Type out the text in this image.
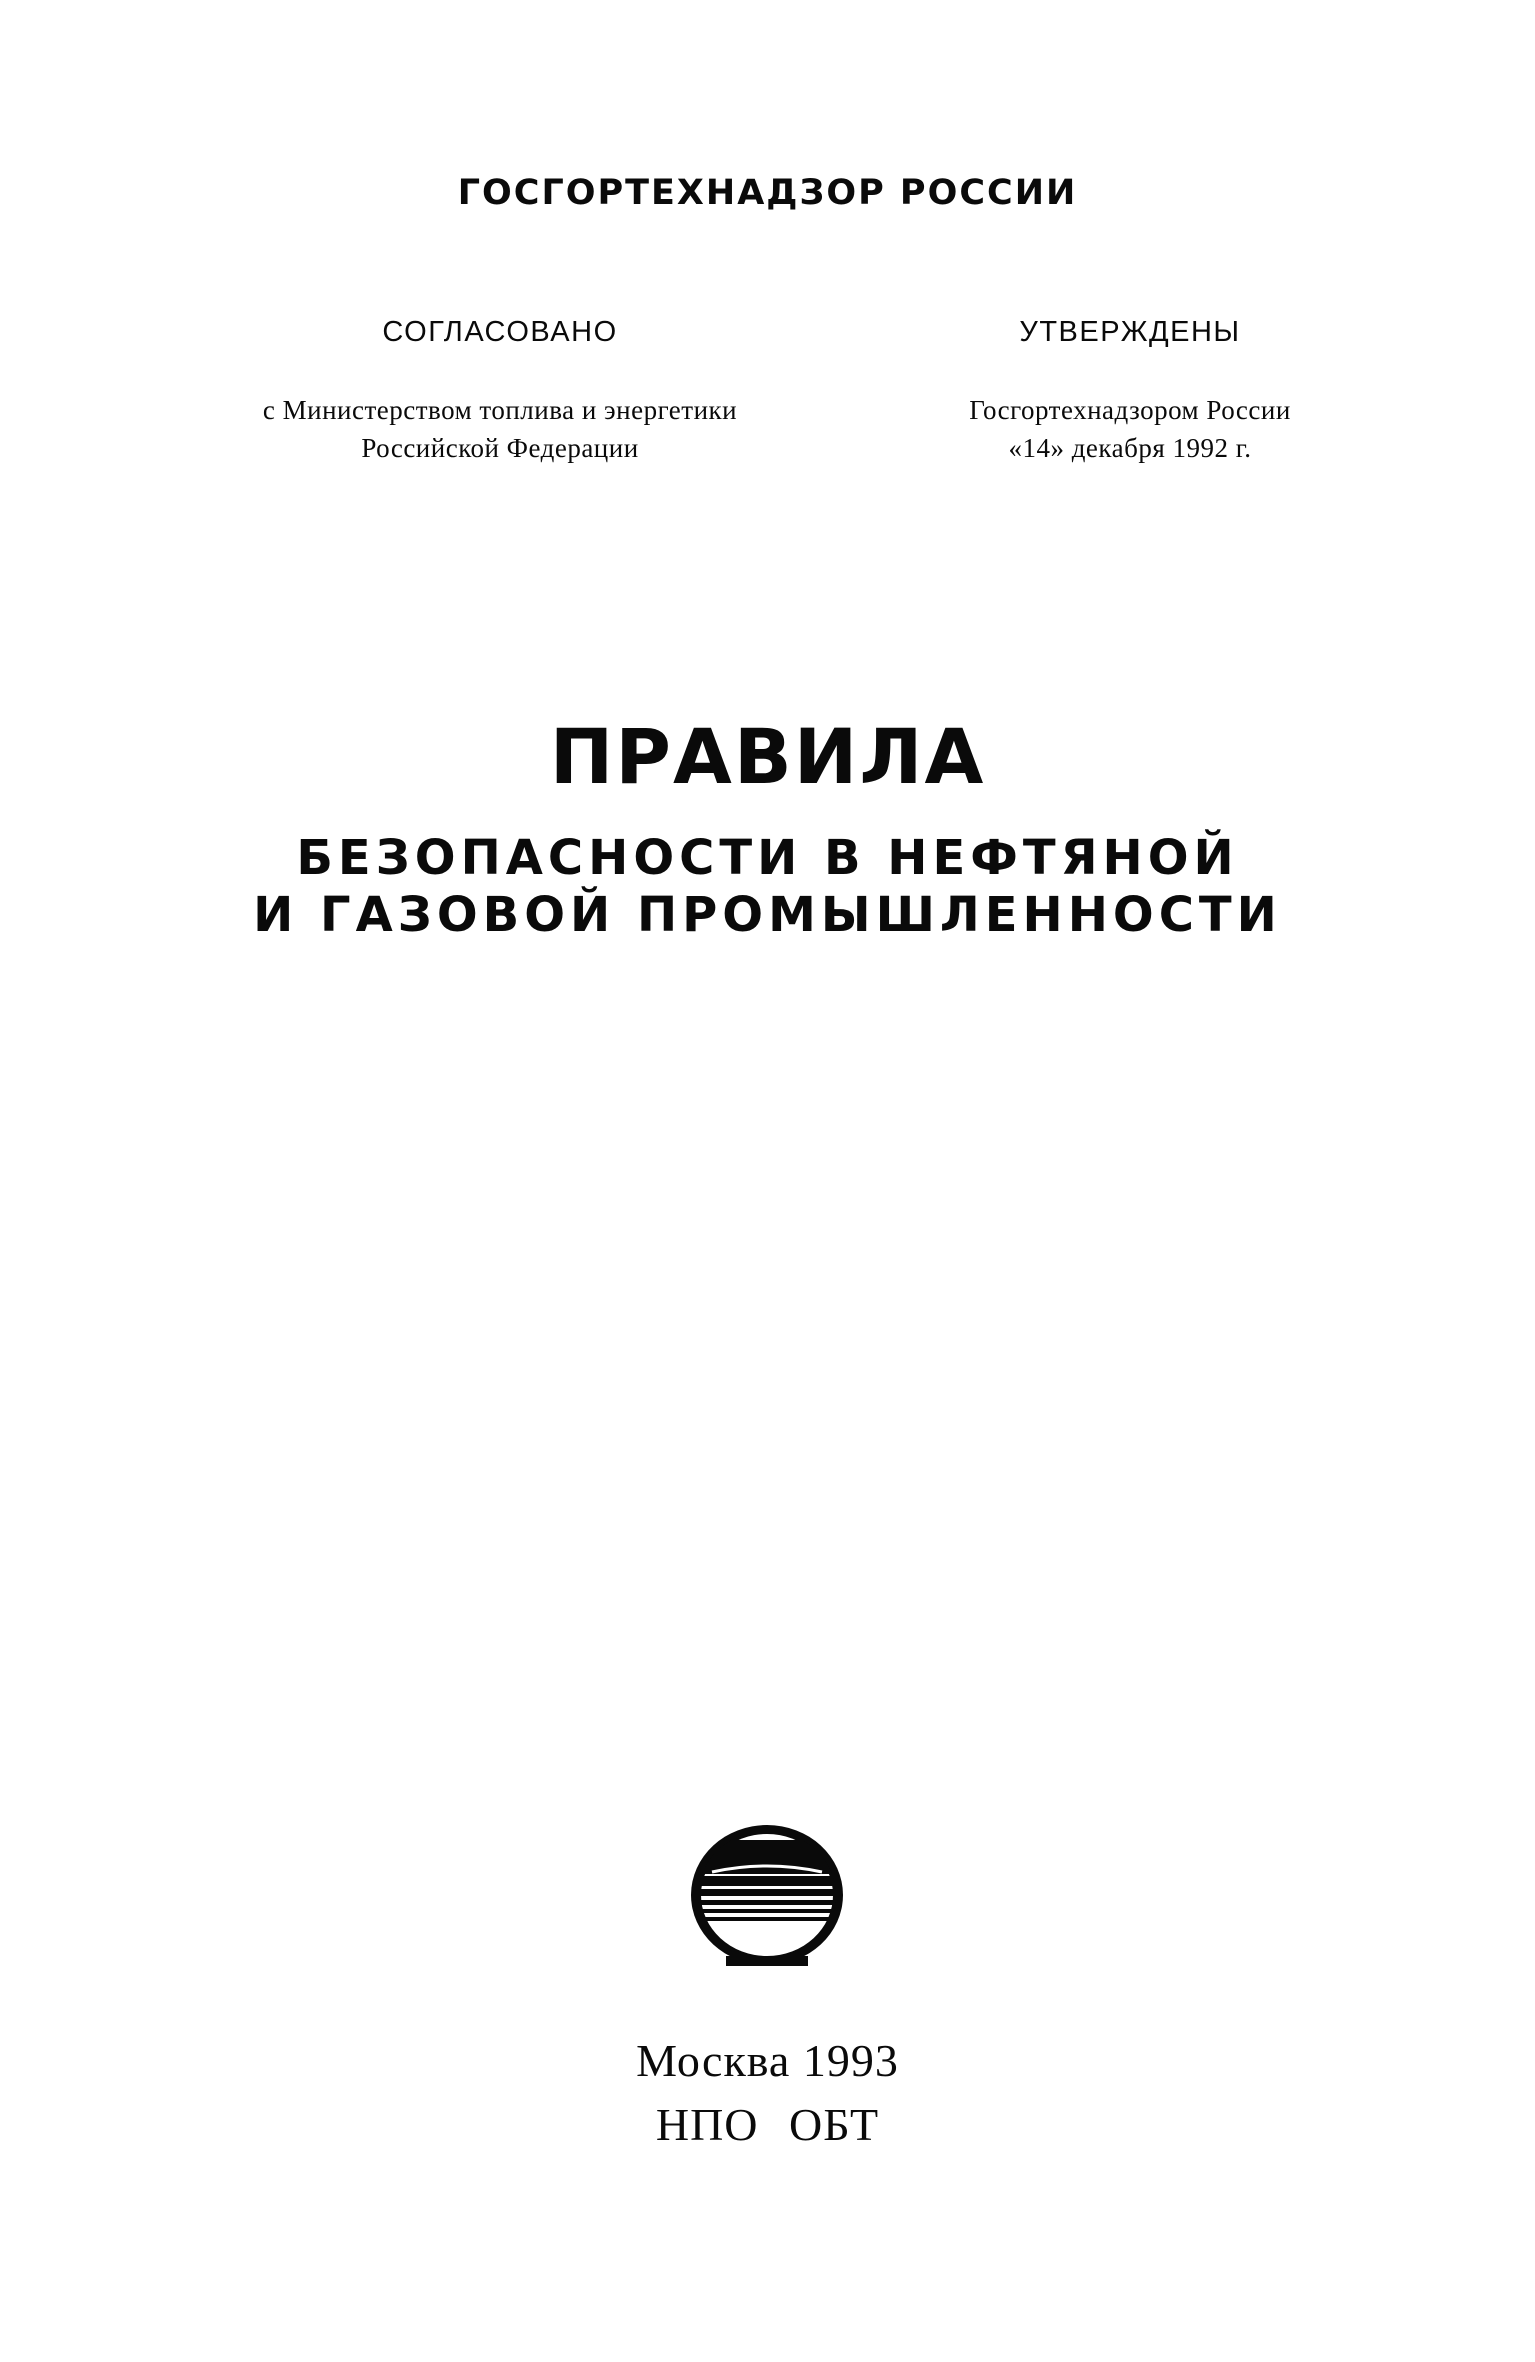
ГОСГОРТЕХНАДЗОР РОССИИ
СОГЛАСОВАНО
с Министерством топлива и энергетики
Российской Федерации
УТВЕРЖДЕНЫ
Госгортехнадзором России
«14» декабря 1992 г.
ПРАВИЛА
БЕЗОПАСНОСТИ В НЕФТЯНОЙ
И ГАЗОВОЙ ПРОМЫШЛЕННОСТИ
Москва 1993
НПО ОБТ
